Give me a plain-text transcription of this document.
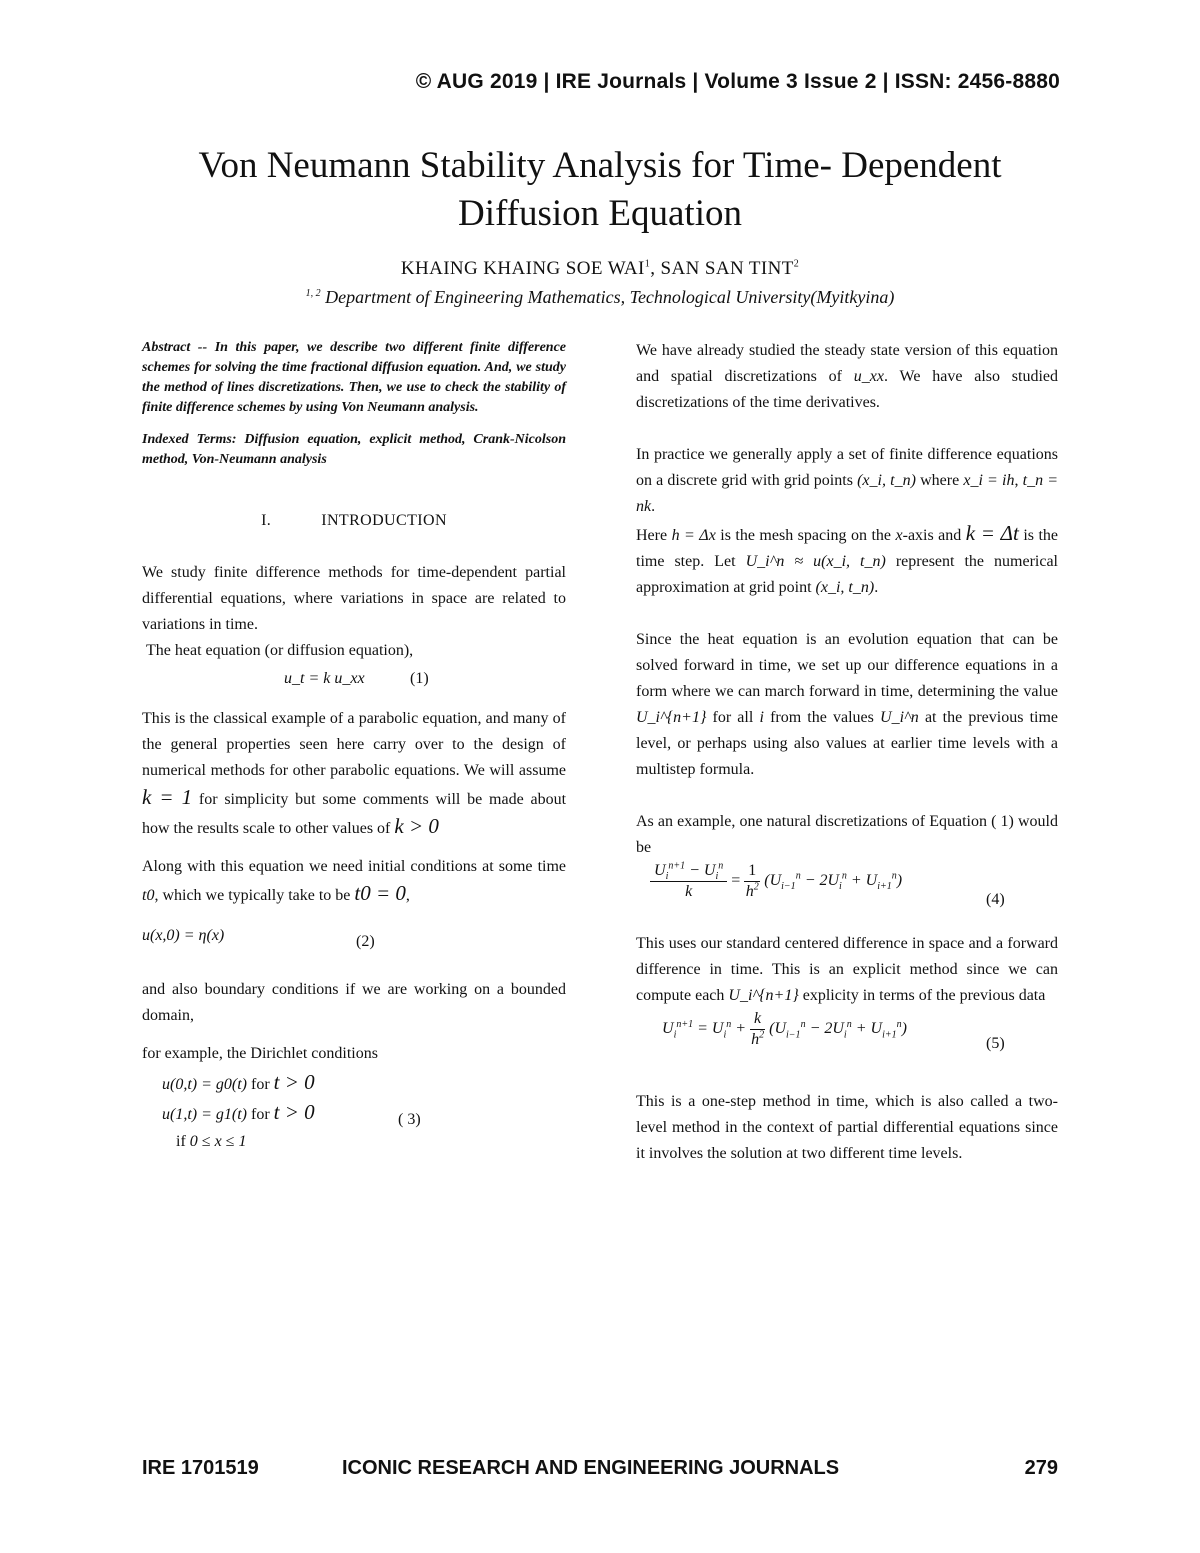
© AUG 2019 | IRE Journals | Volume 3 Issue 2 | ISSN: 2456-8880
Von Neumann Stability Analysis for Time- Dependent
Diffusion Equation
KHAING KHAING SOE WAI$^1$, SAN SAN TINT$^2$
$^{1, 2}$ Department of Engineering Mathematics, Technological University(Myitkyina)

Abstract -- In this paper, we describe two different finite difference schemes for solving the time fractional diffusion equation. And, we study the method of lines discretizations. Then, we use to check the stability of finite difference schemes by using Von Neumann analysis.

Indexed Terms: Diffusion equation, explicit method, Crank-Nicolson method, Von-Neumann analysis

I.	INTRODUCTION

We study finite difference methods for time-dependent partial differential equations, where variations in space are related to variations in time.

The heat equation (or diffusion equation),

u_t = k u_xx	(1)

This is the classical example of a parabolic equation, and many of the general properties seen here carry over to the design of numerical methods for other parabolic equations. We will assume k = 1 for simplicity but some comments will be made about how the results scale to other values of k > 0

Along with this equation we need initial conditions at some time t0, which we typically take to be t0 = 0,

u(x,0) = η(x)	(2)

and also boundary conditions if we are working on a bounded domain,

for example, the Dirichlet conditions

u(0,t) = g0(t) for t > 0
u(1,t) = g1(t) for t > 0	( 3)
if 0 ≤ x ≤ 1

We have already studied the steady state version of this equation and spatial discretizations of u_xx. We have also studied discretizations of the time derivatives.

In practice we generally apply a set of finite difference equations on a discrete grid with grid points (x_i, t_n) where x_i = ih, t_n = nk.

Here h = Δx is the mesh spacing on the x-axis and k = Δt is the time step. Let U_i^n ≈ u(x_i, t_n) represent the numerical approximation at grid point (x_i, t_n).

Since the heat equation is an evolution equation that can be solved forward in time, we set up our difference equations in a form where we can march forward in time, determining the value U_i^{n+1} for all i from the values U_i^n at the previous time level, or perhaps using also values at earlier time levels with a multistep formula.

As an example, one natural discretizations of Equation ( 1) would be

$\frac{U_i^{n+1} - U_i^n}{k} = \frac{1}{h^2} (U_{i-1}^n - 2U_i^n + U_{i+1}^n)$
(4)

This uses our standard centered difference in space and a forward difference in time. This is an explicit method since we can compute each U_i^{n+1} explicity in terms of the previous data

$U_i^{n+1} = U_i^n + \frac{k}{h^2} (U_{i-1}^n - 2U_i^n + U_{i+1}^n)$
(5)

This is a one-step method in time, which is also called a two-level method in the context of partial differential equations since it involves the solution at two different time levels.

IRE 1701519	ICONIC RESEARCH AND ENGINEERING JOURNALS	279
